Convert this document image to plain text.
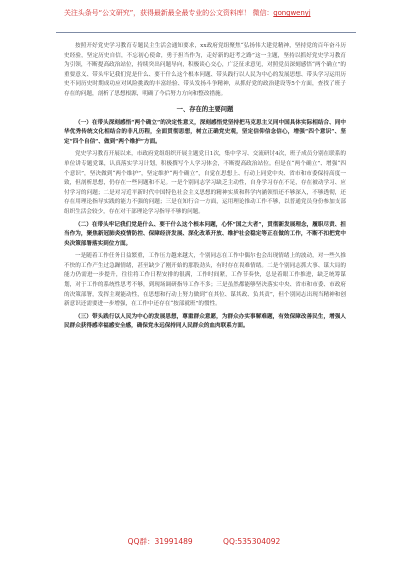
关注头条号“公文研究”，获得最新最全最专业的公文资料库！ 微信：gongwenyj

按照开好党史学习教育专题民主生活会通知要求，xx政府党组聚焦“弘扬伟大建党精神，坚持党的百年奋斗历史经验，坚定历史自信，不忘初心使命，勇于担当作为，走好新的赶考之路”这一主题，坚持以抓好党史学习教育为引领，不断提高政治站位，持续突出问题导向，积极谈心交心，广泛征求意见，对照党员深刻感悟“两个确立”的重要意义、带头牢记我们党是什么、要干什么这个根本问题、带头践行以人民为中心的发展思想、带头学习运用历史不同历史时期成功应对风险挑战的丰富经验、带头发扬斗争精神，从抓好党的政治建设等5个方面，查找了班子存在的问题，剖析了思想根源，明确了今后努力方向和整改措施。

一、存在的主要问题

（一）在带头深刻感悟“两个确立”的决定性意义，深刻感悟党坚持把马克思主义同中国具体实际相结合、同中华优秀传统文化相结合的非凡历程，全面贯彻思想，树立正确党史观，坚定信仰信念信心，增强“四个意识”、坚定“四个自信”、做到“两个维护”方面。

党史学习教育开展以来，市政府党组组织开展主题党日1次，集中学习、交流研讨4次，班子成员分别在联系的单位讲专题党课，认真落实学习计划，积极撰写个人学习体会，不断提高政治站位。但是在“两个确立”、增强“四个意识”，坚决做到“两个维护”，坚定维护“两个确立”，自觉在思想上、行动上同党中央、省市和市委保持高度一致，但剖析思想，仍存在一些问题和不足。一是个别同志学习缺乏主动性，自身学习存在不足，存在被动学习、应付学习的问题；二是对习近平新时代中国特色社会主义思想的精神实质和科学内涵领悟还不够深入，不够透彻，还存在用理论指导实践的能力不强的问题；三是在知行合一方面，运用理论推动工作不够，以普通党员身份参加支部组织生活会较少，存在对干部理论学习指导不够的问题。

（二）在带头牢记我们党是什么、要干什么这个根本问题，心怀“国之大者”，贯彻新发展理念，履职尽责、担当作为，聚焦新冠肺炎疫情防控、保障经济发展、深化改革开放、维护社会稳定等正在做的工作，不断不扣把党中央决策部署落实到位方面。

一是随着工作任务日益繁重，工作压力越来越大，个别同志在工作中偶尔也会出现情绪上的波动，对一些久推不快的工作产生过急躁情绪，甚至缺少了刚开始的那股劲头，有时存在畏难情绪。二是个别同志抓大事、谋大局的能力仍需进一步提升，往往将工作日程安排的很满，工作时间紧，工作节奏快，总是着眼工作推进，缺乏统筹谋划，对于工作的系统性思考不够，到现场调研指导工作不多；三是虽然都能够坚决落实中央、省市和市委、市政府的决策部署，发挥主观能动性，在思想和行动上努力做到“在其位、谋其政、负其责”，但个别同志出现当精神和创新意识还需要进一步增强，在工作中还存在“按部就班”的惯性。

（三）带头践行以人民为中心的发展思想，尊重群众意愿，为群众办实事解难题，有效保障改善民生，增强人民群众获得感幸福感安全感，确保党永远保持同人民群众的血肉联系方面。

QQ群：31991489	QQ:535304092
